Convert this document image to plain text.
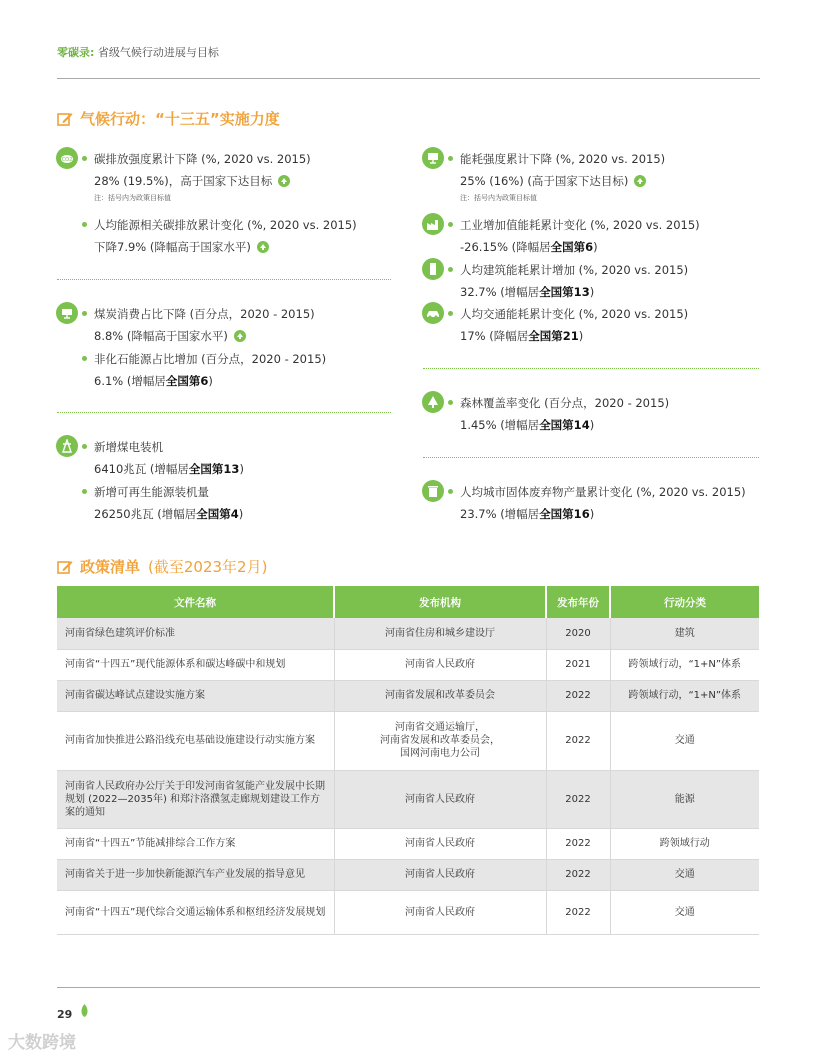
零碳录: 省级气候行动进展与目标
气候行动：“十三五”实施力度
CO2 碳排放强度累计下降 (%, 2020 vs. 2015)
28% (19.5%)，高于国家下达目标
注：括号内为政策目标值
人均能源相关碳排放累计变化 (%, 2020 vs. 2015)
下降7.9% (降幅高于国家水平)
煤炭消费占比下降 (百分点，2020 - 2015)
8.8% (降幅高于国家水平)
非化石能源占比增加 (百分点，2020 - 2015)
6.1% (增幅居 全国第6 )
新增煤电装机
6410兆瓦 (增幅居 全国第13 )
新增可再生能源装机量
26250兆瓦 (增幅居 全国第4 )
能耗强度累计下降 (%, 2020 vs. 2015)
25% (16%) (高于国家下达目标)
注：括号内为政策目标值
工业增加值能耗累计变化 (%, 2020 vs. 2015)
-26.15% (降幅居 全国第6 )
人均建筑能耗累计增加 (%, 2020 vs. 2015)
32.7% (增幅居 全国第13 )
人均交通能耗累计变化 (%, 2020 vs. 2015)
17% (降幅居 全国第21 )
森林覆盖率变化 (百分点，2020 - 2015)
1.45% (增幅居 全国第14 )
人均城市固体废弃物产量累计变化 (%, 2020 vs. 2015)
23.7% (增幅居 全国第16 )
政策清单 (截至2023年2月)
文件名称	发布机构	发布年份	行动分类
河南省绿色建筑评价标准	河南省住房和城乡建设厅	2020	建筑
河南省“十四五”现代能源体系和碳达峰碳中和规划	河南省人民政府	2021	跨领域行动，“1+N”体系
河南省碳达峰试点建设实施方案	河南省发展和改革委员会	2022	跨领域行动，“1+N”体系
河南省加快推进公路沿线充电基础设施建设行动实施方案	河南省交通运输厅，
河南省发展和改革委员会，
国网河南电力公司	2022	交通
河南省人民政府办公厅关于印发河南省氢能产业发展中长期规划 (2022—2035年) 和郑汴洛濮氢走廊规划建设工作方案的通知	河南省人民政府	2022	能源
河南省“十四五”节能减排综合工作方案	河南省人民政府	2022	跨领域行动
河南省关于进一步加快新能源汽车产业发展的指导意见	河南省人民政府	2022	交通
河南省“十四五”现代综合交通运输体系和枢纽经济发展规划	河南省人民政府	2022	交通
29
大数跨境
